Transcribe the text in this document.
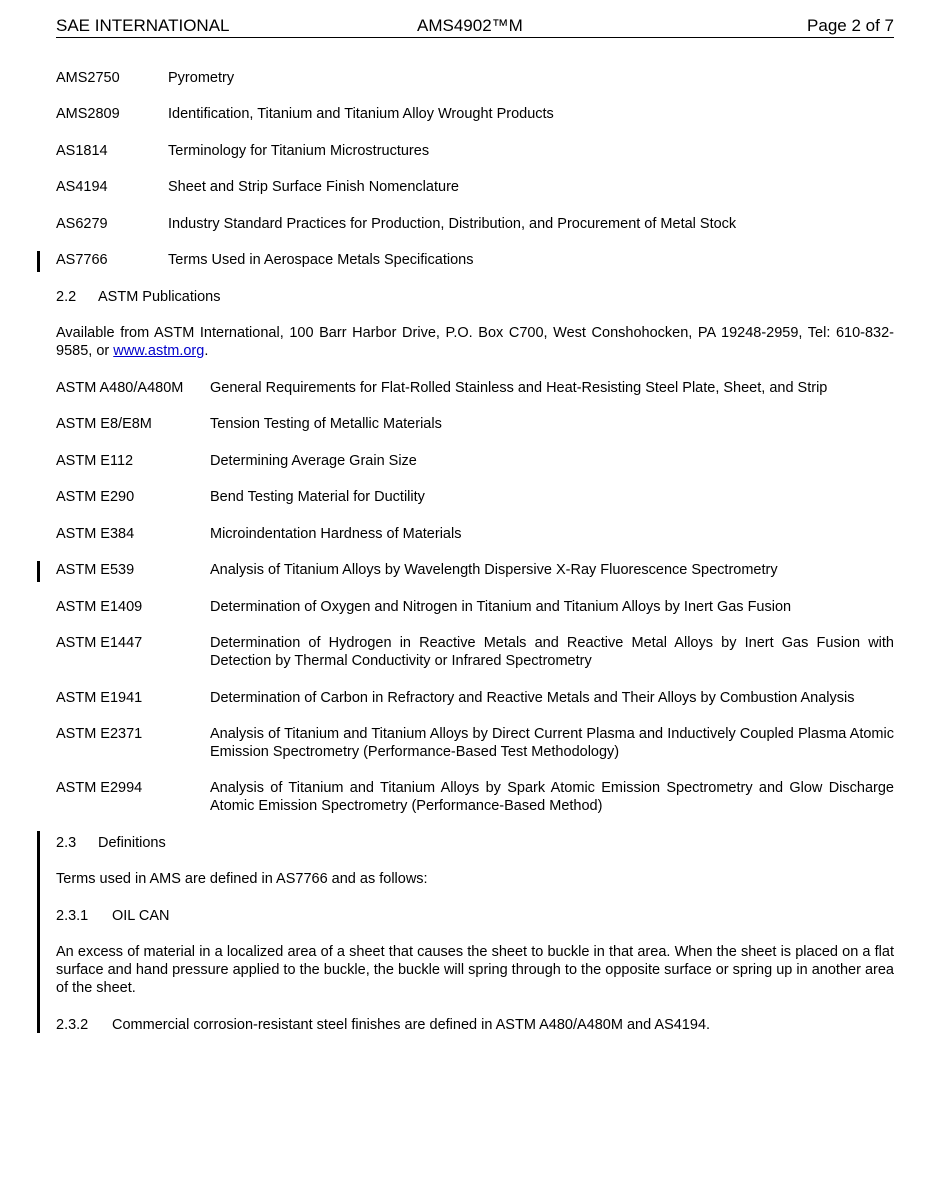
SAE INTERNATIONAL	AMS4902™M	Page 2 of 7
AMS2750	Pyrometry
AMS2809	Identification, Titanium and Titanium Alloy Wrought Products
AS1814	Terminology for Titanium Microstructures
AS4194	Sheet and Strip Surface Finish Nomenclature
AS6279	Industry Standard Practices for Production, Distribution, and Procurement of Metal Stock
AS7766	Terms Used in Aerospace Metals Specifications
2.2 ASTM Publications
Available from ASTM International, 100 Barr Harbor Drive, P.O. Box C700, West Conshohocken, PA 19248-2959, Tel: 610-832-9585, or www.astm.org.
ASTM A480/A480M General Requirements for Flat-Rolled Stainless and Heat-Resisting Steel Plate, Sheet, and Strip
ASTM E8/E8M	Tension Testing of Metallic Materials
ASTM E112	Determining Average Grain Size
ASTM E290	Bend Testing Material for Ductility
ASTM E384	Microindentation Hardness of Materials
ASTM E539	Analysis of Titanium Alloys by Wavelength Dispersive X-Ray Fluorescence Spectrometry
ASTM E1409	Determination of Oxygen and Nitrogen in Titanium and Titanium Alloys by Inert Gas Fusion
ASTM E1447	Determination of Hydrogen in Reactive Metals and Reactive Metal Alloys by Inert Gas Fusion with Detection by Thermal Conductivity or Infrared Spectrometry
ASTM E1941	Determination of Carbon in Refractory and Reactive Metals and Their Alloys by Combustion Analysis
ASTM E2371	Analysis of Titanium and Titanium Alloys by Direct Current Plasma and Inductively Coupled Plasma Atomic Emission Spectrometry (Performance-Based Test Methodology)
ASTM E2994	Analysis of Titanium and Titanium Alloys by Spark Atomic Emission Spectrometry and Glow Discharge Atomic Emission Spectrometry (Performance-Based Method)
2.3 Definitions
Terms used in AMS are defined in AS7766 and as follows:
2.3.1 OIL CAN
An excess of material in a localized area of a sheet that causes the sheet to buckle in that area. When the sheet is placed on a flat surface and hand pressure applied to the buckle, the buckle will spring through to the opposite surface or spring up in another area of the sheet.
2.3.2 Commercial corrosion-resistant steel finishes are defined in ASTM A480/A480M and AS4194.
